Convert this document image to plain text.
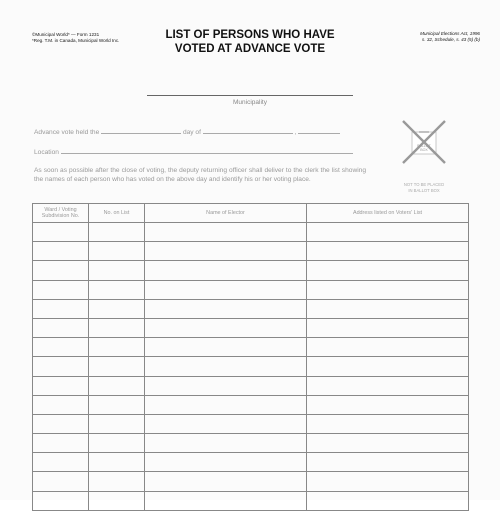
©Municipal World* — Form 1231
*Reg. T.M. in Canada, Municipal World Inc.	LIST OF PERSONS WHO HAVE
VOTED AT ADVANCE VOTE
Municipal Elections Act, 1996
s. 32, Schedule, s. 43 (5) (b)
Municipality
Advance vote held the	day of	,
Location
As soon as possible after the close of voting, the deputy returning officer shall deliver to the clerk the list showing the names of each person who has voted on the above day and identify his or her voting place.
BALLOT
BOX
NOT TO BE PLACED
IN BALLOT BOX
Ward / Voting Subdivision No.	No. on List	Name of Elector	Address listed on Voters' List
